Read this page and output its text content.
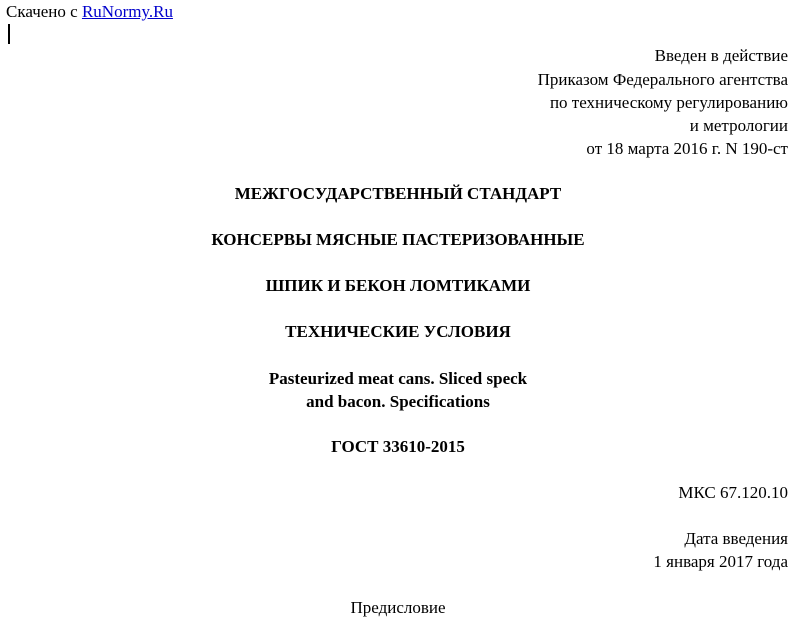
Скачено с RuNormy.Ru
Введен в действие
Приказом Федерального агентства
по техническому регулированию
и метрологии
от 18 марта 2016 г. N 190-ст
МЕЖГОСУДАРСТВЕННЫЙ СТАНДАРТ
КОНСЕРВЫ МЯСНЫЕ ПАСТЕРИЗОВАННЫЕ
ШПИК И БЕКОН ЛОМТИКАМИ
ТЕХНИЧЕСКИЕ УСЛОВИЯ
Pasteurized meat cans. Sliced speck
and bacon. Specifications
ГОСТ 33610-2015
МКС 67.120.10
Дата введения
1 января 2017 года
Предисловие
